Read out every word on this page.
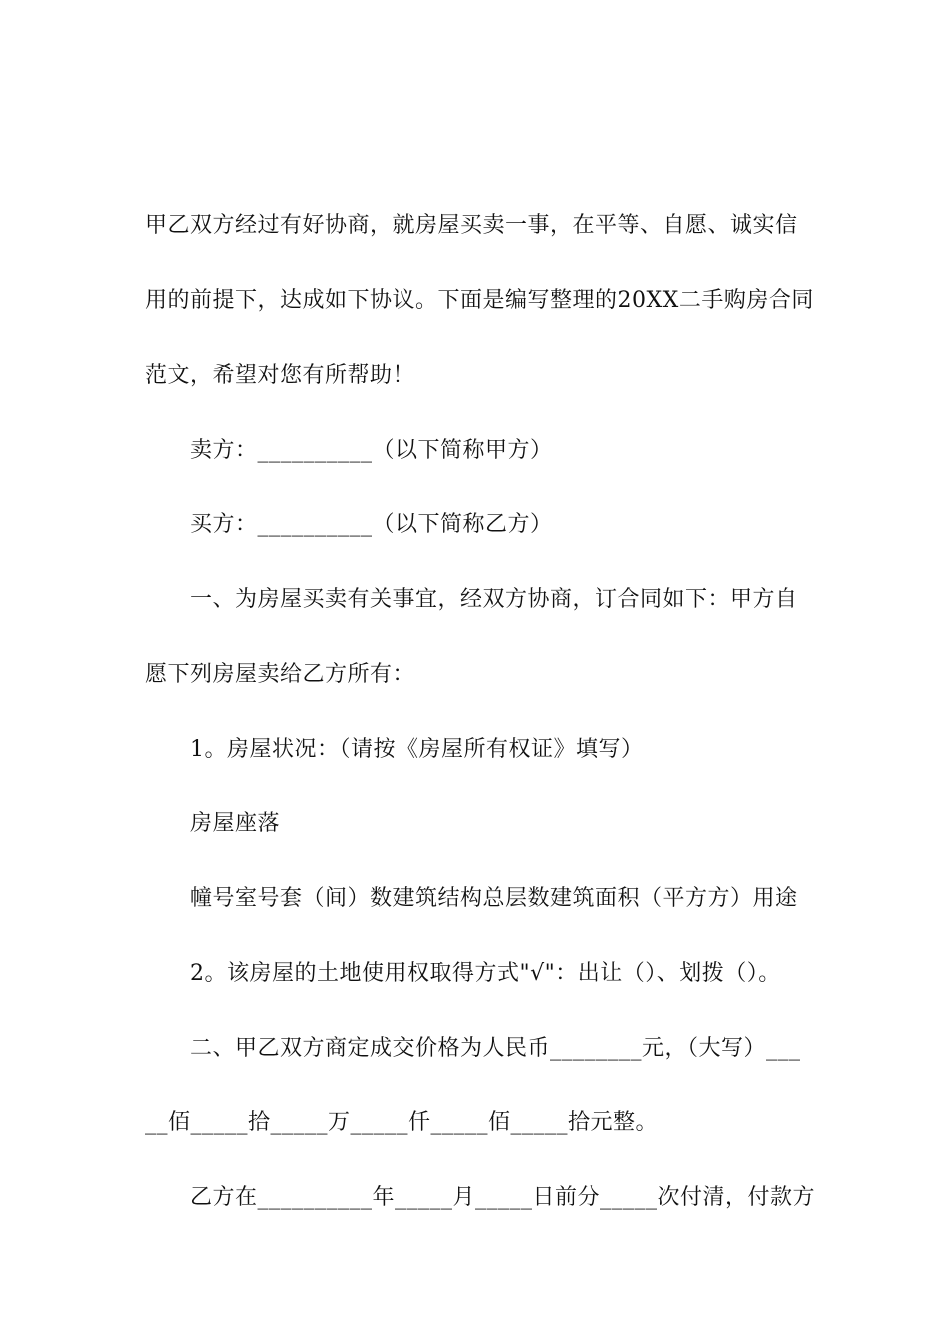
甲乙双方经过有好协商，就房屋买卖一事，在平等、自愿、诚实信
用的前提下，达成如下协议。下面是编写整理的20XX二手购房合同
范文，希望对您有所帮助！
卖方：__________（以下简称甲方）
买方：__________（以下简称乙方）
一、为房屋买卖有关事宜，经双方协商，订合同如下：甲方自
愿下列房屋卖给乙方所有：
1。房屋状况：（请按《房屋所有权证》填写）
房屋座落
幢号室号套（间）数建筑结构总层数建筑面积（平方方）用途
2。该房屋的土地使用权取得方式"√"：出让（）、划拨（）。
二、甲乙双方商定成交价格为人民币________元，（大写）___
__佰_____拾_____万_____仟_____佰_____拾元整。
乙方在__________年_____月_____日前分_____次付清，付款方
